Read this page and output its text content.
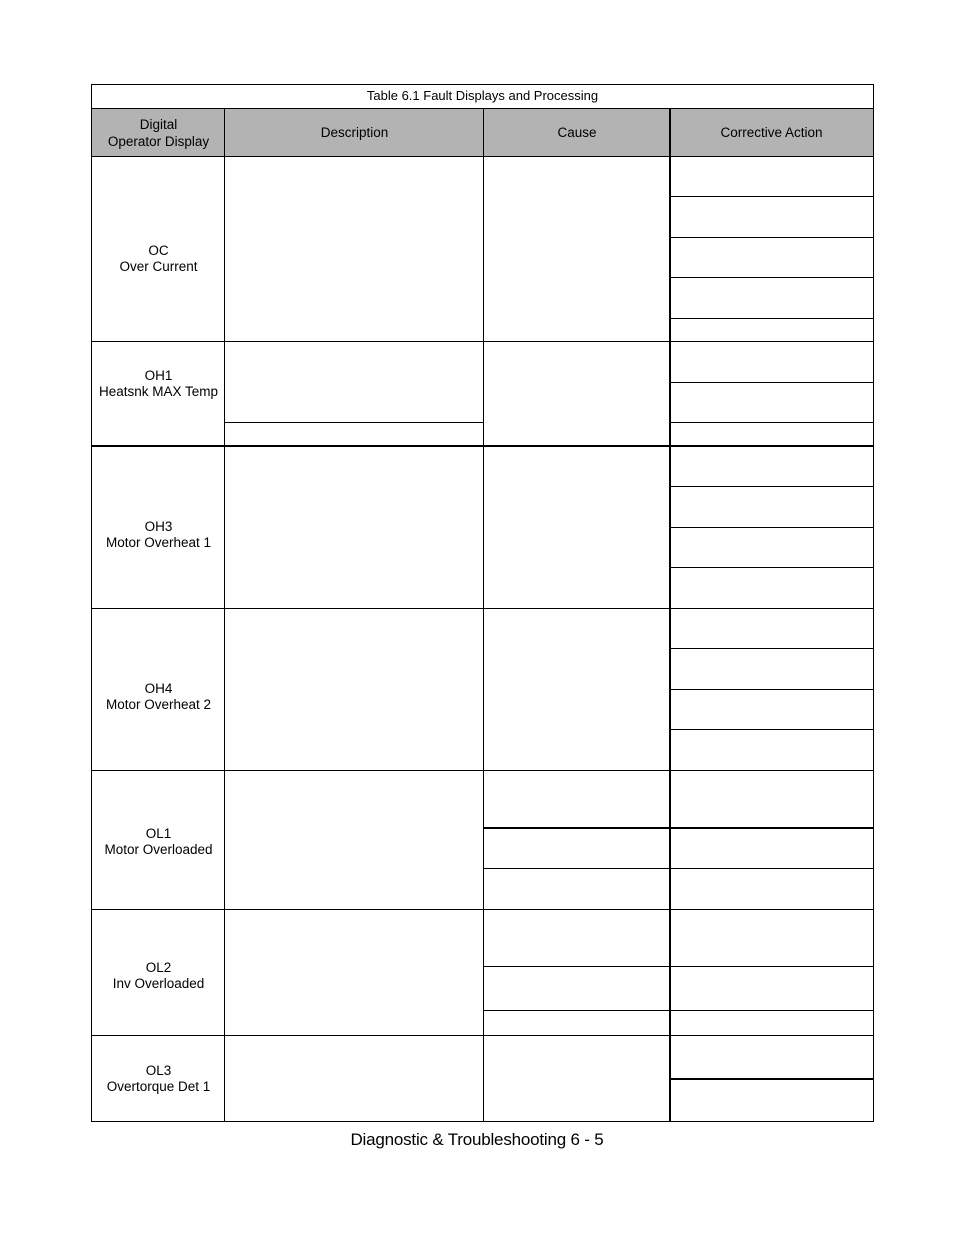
Table 6.1 Fault Displays and Processing
Digital
Operator Display
Description	Cause	Corrective Action
OC
Over Current
OH1
Heatsnk MAX Temp
OH3
Motor Overheat 1
OH4
Motor Overheat 2
OL1
Motor Overloaded
OL2
Inv Overloaded
OL3
Overtorque Det 1
Diagnostic & Troubleshooting 6 - 5
